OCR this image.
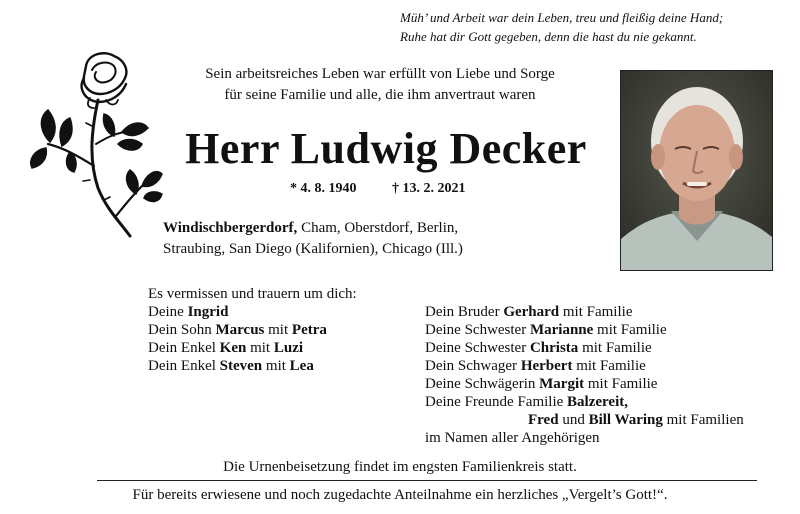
Müh’ und Arbeit war dein Leben, treu und fleißig deine Hand;
Ruhe hat dir Gott gegeben, denn die hast du nie gekannt.
Sein arbeitsreiches Leben war erfüllt von Liebe und Sorge
für seine Familie und alle, die ihm anvertraut waren
Herr Ludwig Decker
* 4. 8. 1940	† 13. 2. 2021
Windischbergerdorf, Cham, Oberstdorf, Berlin,
Straubing, San Diego (Kalifornien), Chicago (Ill.)
Es vermissen und trauern um dich:
Deine Ingrid
Dein Sohn Marcus mit Petra
Dein Enkel Ken mit Luzi
Dein Enkel Steven mit Lea
Dein Bruder Gerhard mit Familie
Deine Schwester Marianne mit Familie
Deine Schwester Christa mit Familie
Dein Schwager Herbert mit Familie
Deine Schwägerin Margit mit Familie
Deine Freunde Familie Balzereit,
Fred und Bill Waring mit Familien
im Namen aller Angehörigen
Die Urnenbeisetzung findet im engsten Familienkreis statt.
Für bereits erwiesene und noch zugedachte Anteilnahme ein herzliches „Vergelt’s Gott!“.
